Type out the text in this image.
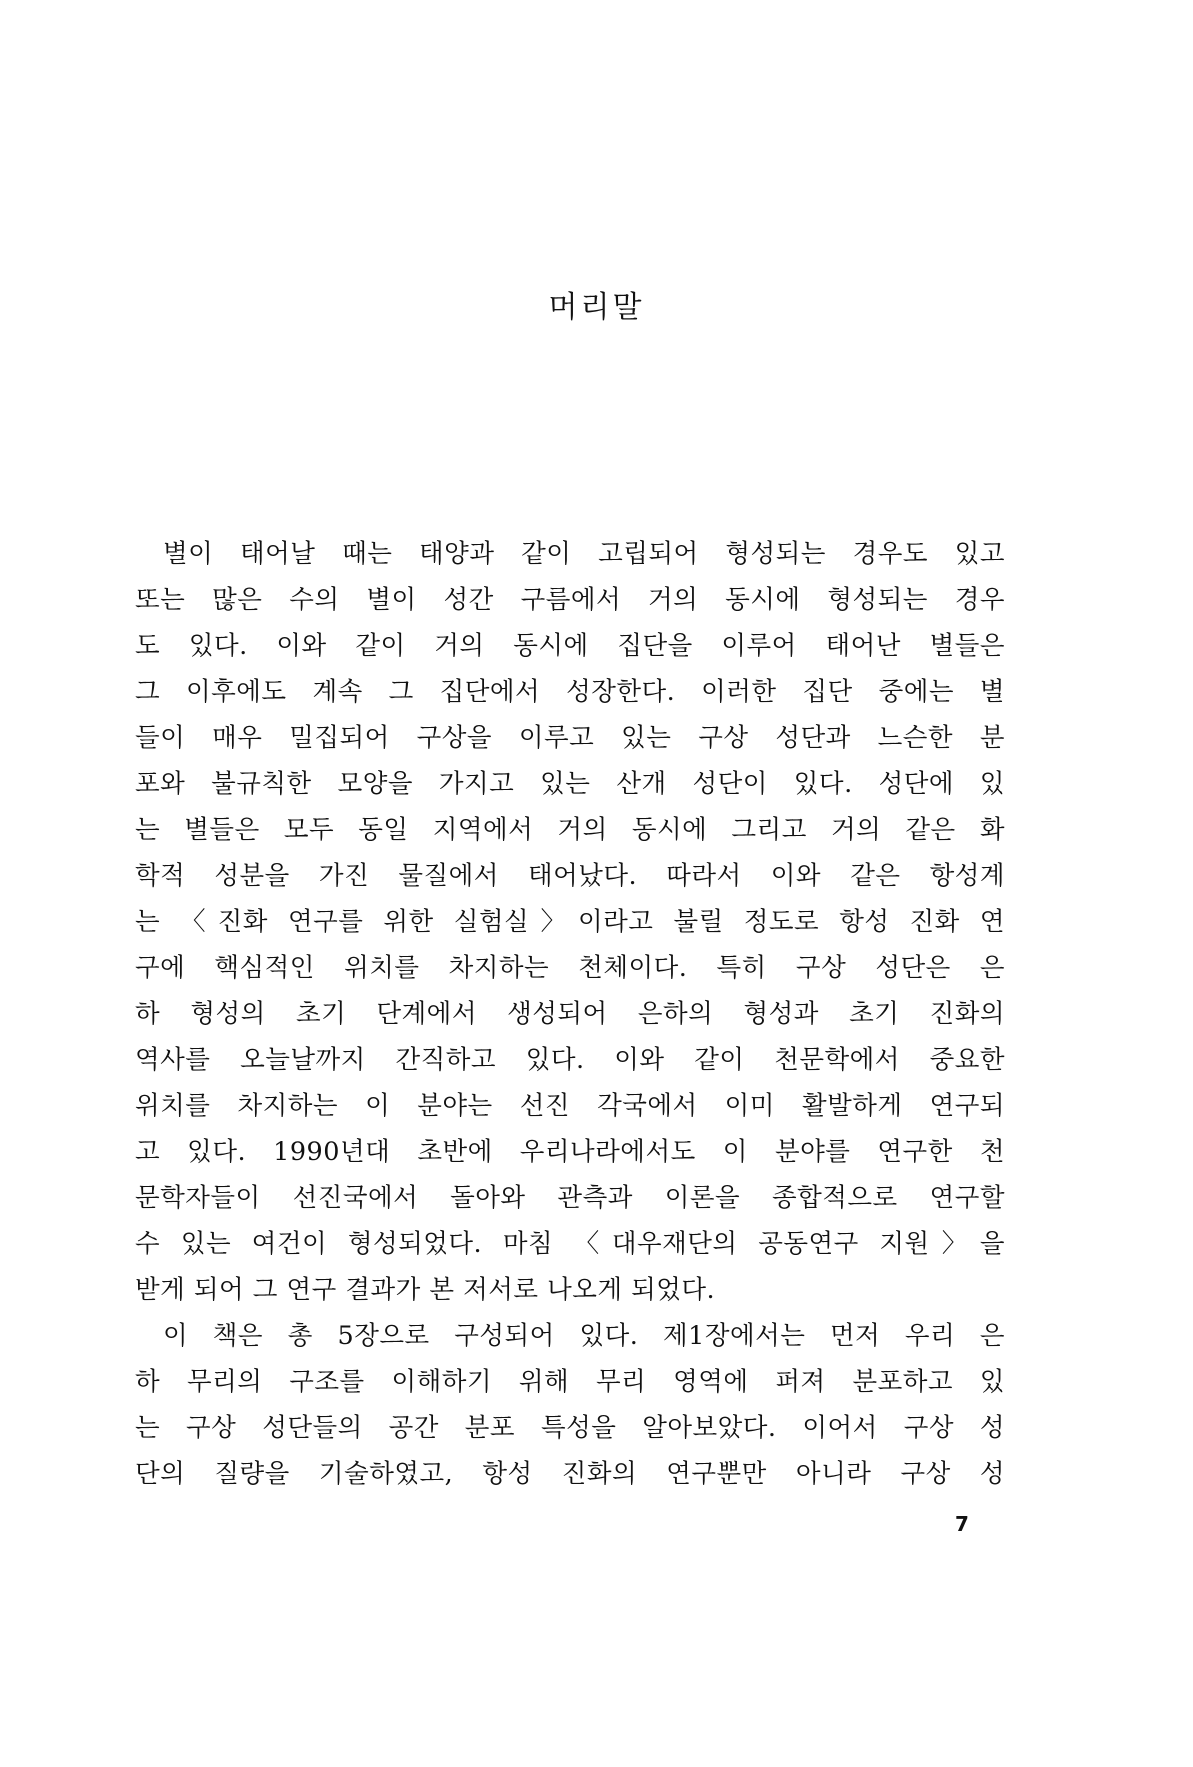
머리말
별이 태어날 때는 태양과 같이 고립되어 형성되는 경우도 있고
또는 많은 수의 별이 성간 구름에서 거의 동시에 형성되는 경우
도 있다. 이와 같이 거의 동시에 집단을 이루어 태어난 별들은
그 이후에도 계속 그 집단에서 성장한다. 이러한 집단 중에는 별
들이 매우 밀집되어 구상을 이루고 있는 구상 성단과 느슨한 분
포와 불규칙한 모양을 가지고 있는 산개 성단이 있다. 성단에 있
는 별들은 모두 동일 지역에서 거의 동시에 그리고 거의 같은 화
학적 성분을 가진 물질에서 태어났다. 따라서 이와 같은 항성계
는 〈진화 연구를 위한 실험실〉이라고 불릴 정도로 항성 진화 연
구에 핵심적인 위치를 차지하는 천체이다. 특히 구상 성단은 은
하 형성의 초기 단계에서 생성되어 은하의 형성과 초기 진화의
역사를 오늘날까지 간직하고 있다. 이와 같이 천문학에서 중요한
위치를 차지하는 이 분야는 선진 각국에서 이미 활발하게 연구되
고 있다. 1990년대 초반에 우리나라에서도 이 분야를 연구한 천
문학자들이 선진국에서 돌아와 관측과 이론을 종합적으로 연구할
수 있는 여건이 형성되었다. 마침 〈대우재단의 공동연구 지원〉을
받게 되어 그 연구 결과가 본 저서로 나오게 되었다.
이 책은 총 5장으로 구성되어 있다. 제1장에서는 먼저 우리 은
하 무리의 구조를 이해하기 위해 무리 영역에 퍼져 분포하고 있
는 구상 성단들의 공간 분포 특성을 알아보았다. 이어서 구상 성
단의 질량을 기술하였고, 항성 진화의 연구뿐만 아니라 구상 성
7
